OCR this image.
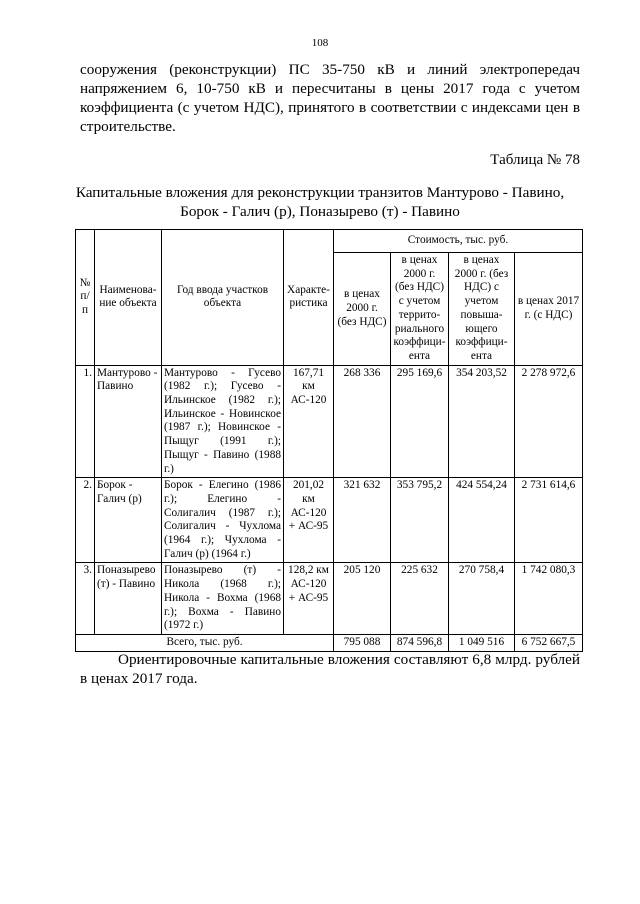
108

сооружения (реконструкции) ПС 35-750 кВ и линий электропередач напряжением 6, 10-750 кВ и пересчитаны в цены 2017 года с учетом коэффициента (с учетом НДС), принятого в соответствии с индексами цен в строительстве.

Таблица № 78
Капитальные вложения для реконструкции транзитов Мантурово - Павино,
Борок - Галич (р), Поназырево (т) - Павино
№ п/п	Наименова-ние объекта	Год ввода участков объекта	Характе-ристика	Стоимость, тыс. руб.			
				в ценах 2000 г. (без НДС)	в ценах 2000 г. (без НДС) с учетом террито-риального коэффици-ента	в ценах 2000 г. (без НДС) с учетом повыша-ющего коэффици-ента	в ценах 2017 г. (с НДС)
1.	Мантурово - Павино	Мантурово - Гусево (1982 г.); Гусево - Ильинское (1982 г.); Ильинское - Новинское (1987 г.); Новинское - Пыщуг (1991 г.); Пыщуг - Павино (1988 г.)	167,71 км АС-120	268 336	295 169,6	354 203,52	2 278 972,6
2.	Борок - Галич (р)	Борок - Елегино (1986 г.); Елегино - Солигалич (1987 г.); Солигалич - Чухлома (1964 г.); Чухлома - Галич (р) (1964 г.)	201,02 км АС-120 + АС-95	321 632	353 795,2	424 554,24	2 731 614,6
3.	Поназырево (т) - Павино	Поназырево (т) - Никола (1968 г.); Никола - Вохма (1968 г.); Вохма - Павино (1972 г.)	128,2 км АС-120 + АС-95	205 120	225 632	270 758,4	1 742 080,3
Всего, тыс. руб.				795 088	874 596,8	1 049 516	6 752 667,5

Ориентировочные капитальные вложения составляют 6,8 млрд. рублей в ценах 2017 года.
